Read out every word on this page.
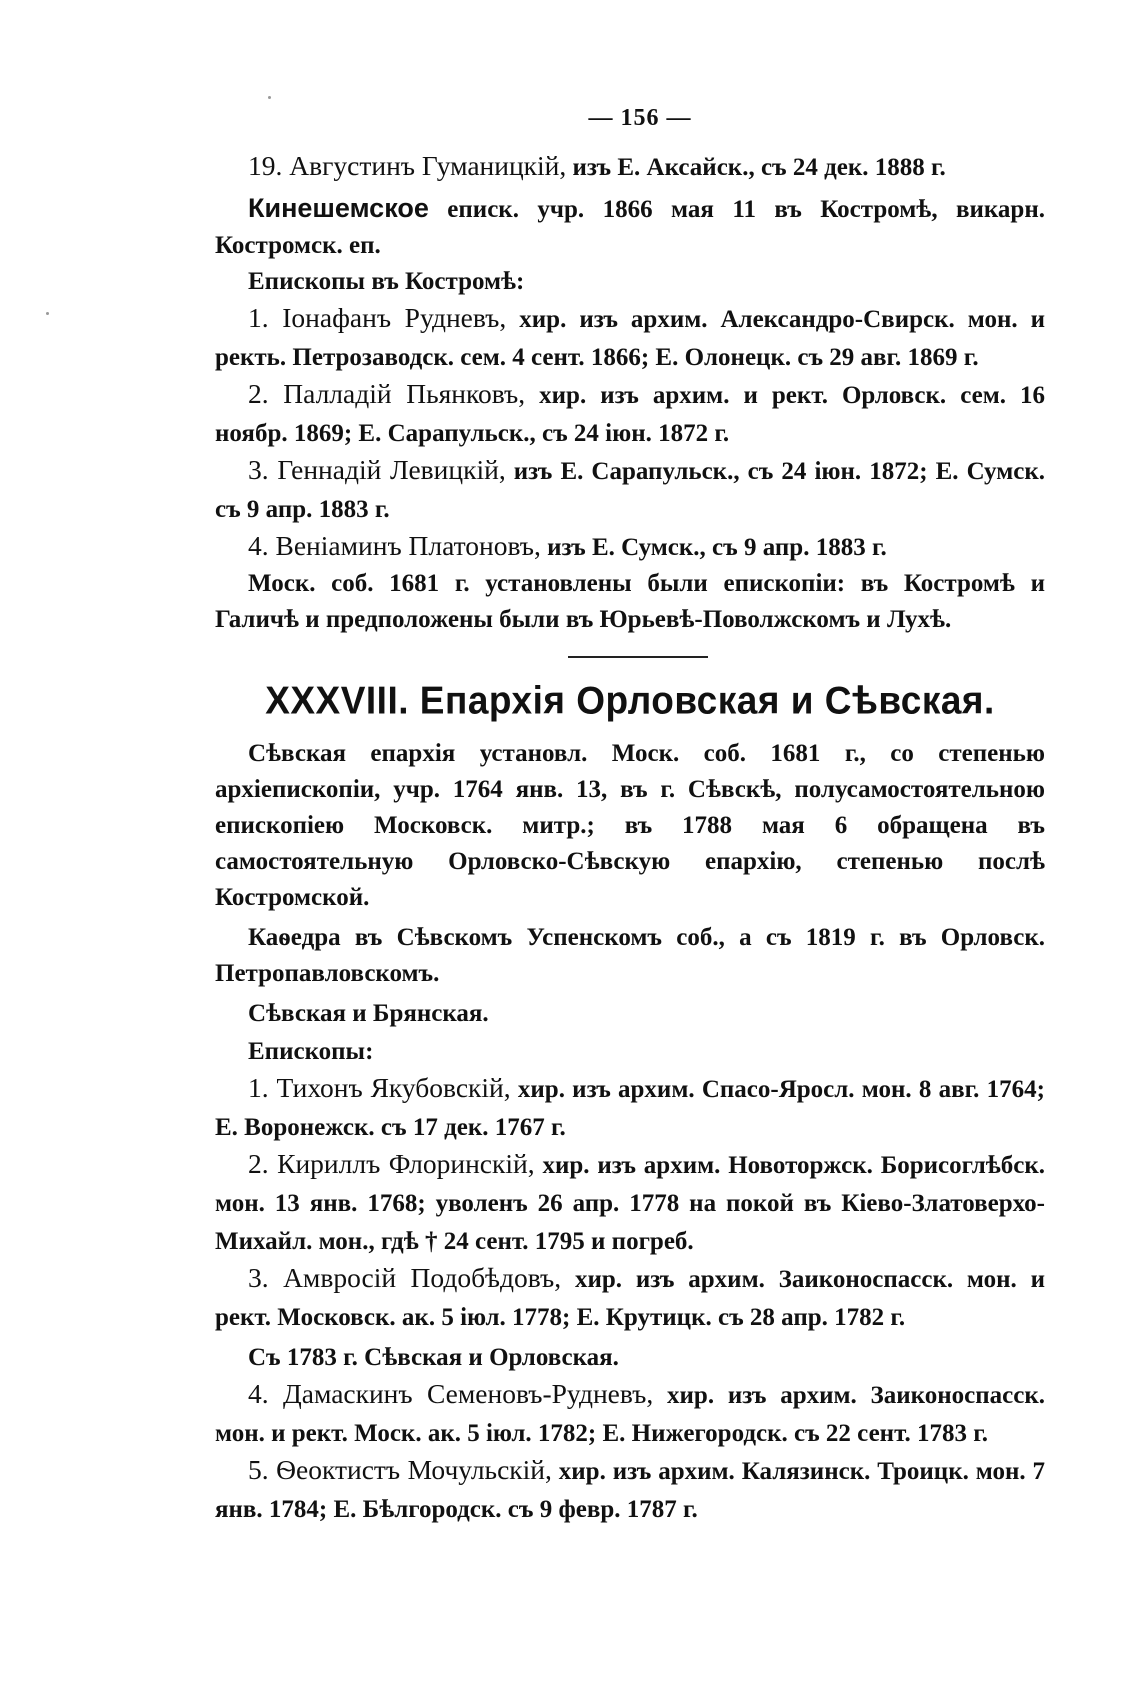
— 156 —

19. Августинъ Гуманицкій, изъ Е. Аксайск., съ 24 дек. 1888 г.

Кинешемское еписк. учр. 1866 мая 11 въ Костромѣ, викарн. Костромск. еп.

Епископы въ Костромѣ:

1. Іонафанъ Рудневъ, хир. изъ архим. Александро-Свирск. мон. и ректь. Петрозаводск. сем. 4 сент. 1866; Е. Олонецк. съ 29 авг. 1869 г.

2. Палладій Пьянковъ, хир. изъ архим. и рект. Орловск. сем. 16 ноябр. 1869; Е. Сарапульск., съ 24 іюн. 1872 г.

3. Геннадій Левицкій, изъ Е. Сарапульск., съ 24 іюн. 1872; Е. Сумск. съ 9 апр. 1883 г.

4. Веніаминъ Платоновъ, изъ Е. Сумск., съ 9 апр. 1883 г.

Моск. соб. 1681 г. установлены были епископіи: въ Костромѣ и Галичѣ и предположены были въ Юрьевѣ-Поволжскомъ и Лухѣ.

XXXVIII. Епархія Орловская и Сѣвская.

Сѣвская епархія установл. Моск. соб. 1681 г., со степенью архіепископіи, учр. 1764 янв. 13, въ г. Сѣвскѣ, полусамостоятельною епископіею Московск. митр.; въ 1788 мая 6 обращена въ самостоятельную Орловско-Сѣвскую епархію, степенью послѣ Костромской.

Каѳедра въ Сѣвскомъ Успенскомъ соб., а съ 1819 г. въ Орловск. Петропавловскомъ.

Сѣвская и Брянская.

Епископы:

1. Тихонъ Якубовскій, хир. изъ архим. Спасо-Яросл. мон. 8 авг. 1764; Е. Воронежск. съ 17 дек. 1767 г.

2. Кириллъ Флоринскій, хир. изъ архим. Новоторжск. Борисоглѣбск. мон. 13 янв. 1768; уволенъ 26 апр. 1778 на покой въ Кіево-Златоверхо-Михайл. мон., гдѣ † 24 сент. 1795 и погреб.

3. Амвросій Подобѣдовъ, хир. изъ архим. Заиконоспасск. мон. и рект. Московск. ак. 5 іюл. 1778; Е. Крутицк. съ 28 апр. 1782 г.

Съ 1783 г. Сѣвская и Орловская.

4. Дамаскинъ Семеновъ-Рудневъ, хир. изъ архим. Заиконоспасск. мон. и рект. Моск. ак. 5 іюл. 1782; Е. Нижегородск. съ 22 сент. 1783 г.

5. Ѳеоктистъ Мочульскій, хир. изъ архим. Калязинск. Троицк. мон. 7 янв. 1784; Е. Бѣлгородск. съ 9 февр. 1787 г.
